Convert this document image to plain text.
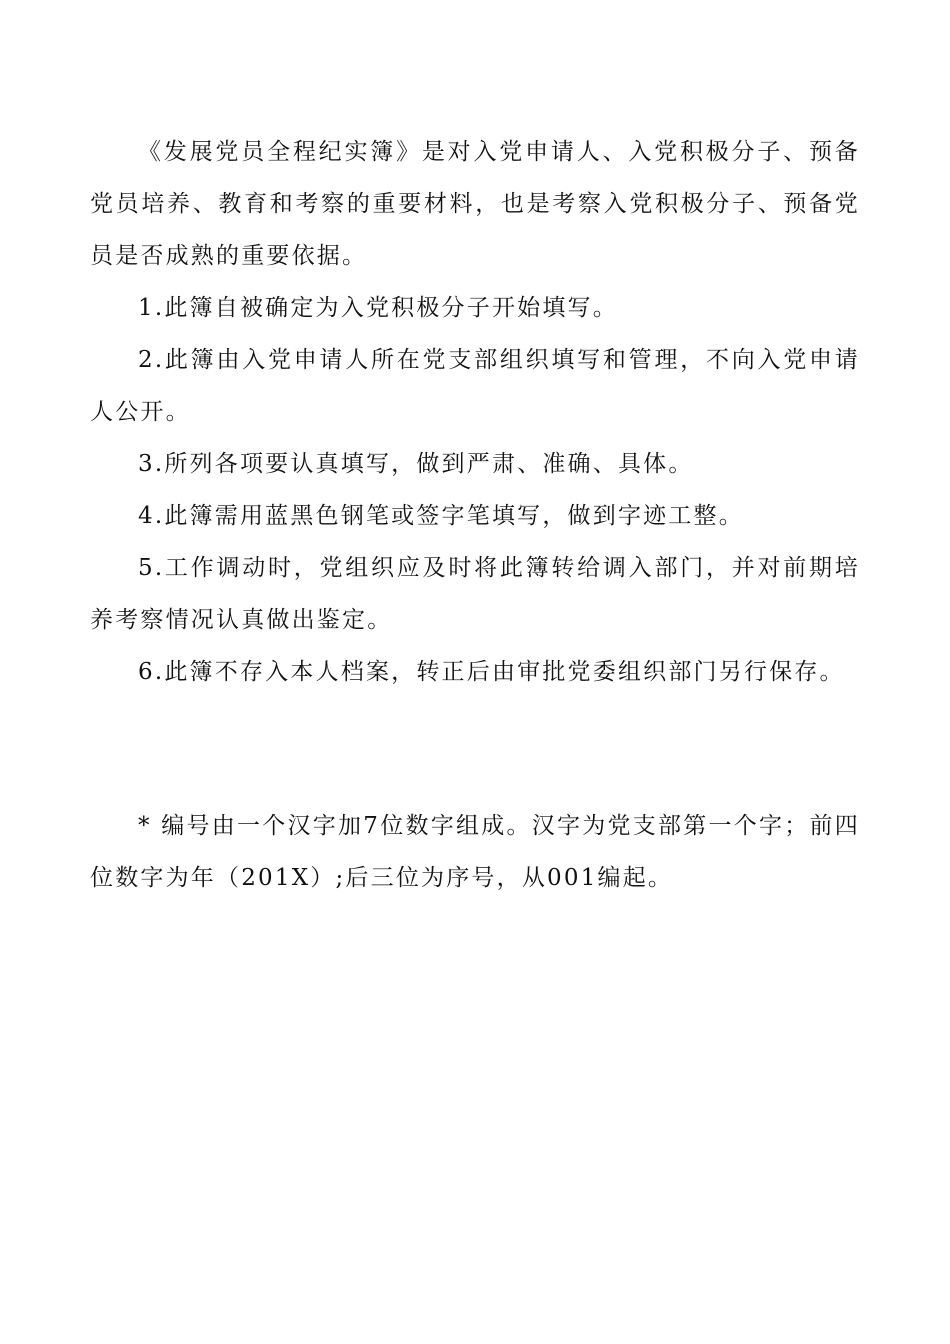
《发展党员全程纪实簿》是对入党申请人、入党积极分子、预备党员培养、教育和考察的重要材料，也是考察入党积极分子、预备党员是否成熟的重要依据。

1.此簿自被确定为入党积极分子开始填写。

2.此簿由入党申请人所在党支部组织填写和管理，不向入党申请人公开。

3.所列各项要认真填写，做到严肃、准确、具体。

4.此簿需用蓝黑色钢笔或签字笔填写，做到字迹工整。

5.工作调动时，党组织应及时将此簿转给调入部门，并对前期培养考察情况认真做出鉴定。

6.此簿不存入本人档案，转正后由审批党委组织部门另行保存。

* 编号由一个汉字加7位数字组成。汉字为党支部第一个字；前四位数字为年（201X）;后三位为序号，从001编起。
